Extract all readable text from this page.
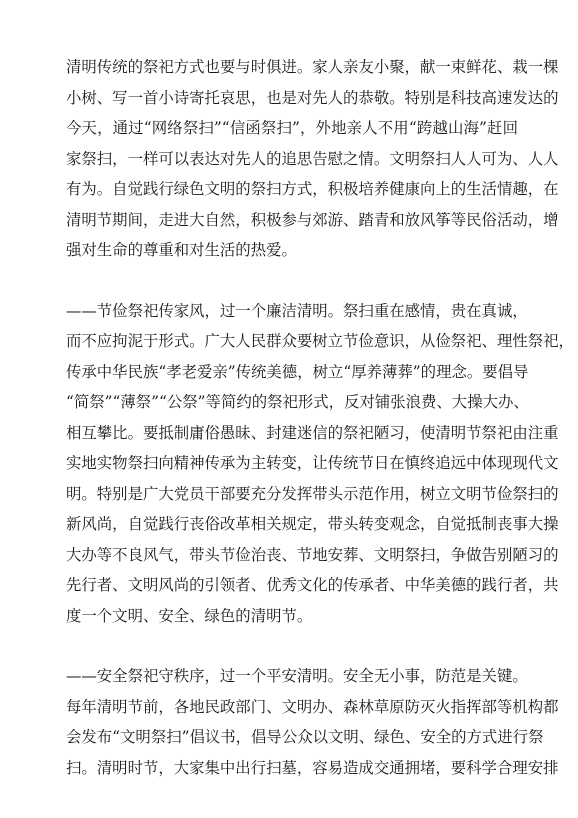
清明传统的祭祀方式也要与时俱进。家人亲友小聚，献一束鲜花、栽一棵
小树、写一首小诗寄托哀思，也是对先人的恭敬。特别是科技高速发达的
今天，通过“网络祭扫”“信函祭扫”，外地亲人不用“跨越山海”赶回
家祭扫，一样可以表达对先人的追思告慰之情。文明祭扫人人可为、人人
有为。自觉践行绿色文明的祭扫方式，积极培养健康向上的生活情趣，在
清明节期间，走进大自然，积极参与郊游、踏青和放风筝等民俗活动，增
强对生命的尊重和对生活的热爱。
——节俭祭祀传家风，过一个廉洁清明。祭扫重在感情，贵在真诚，
而不应拘泥于形式。广大人民群众要树立节俭意识，从俭祭祀、理性祭祀，
传承中华民族“孝老爱亲”传统美德，树立“厚养薄葬”的理念。要倡导
“简祭”“薄祭”“公祭”等简约的祭祀形式，反对铺张浪费、大操大办、
相互攀比。要抵制庸俗愚昧、封建迷信的祭祀陋习，使清明节祭祀由注重
实地实物祭扫向精神传承为主转变，让传统节日在慎终追远中体现现代文
明。特别是广大党员干部要充分发挥带头示范作用，树立文明节俭祭扫的
新风尚，自觉践行丧俗改革相关规定，带头转变观念，自觉抵制丧事大操
大办等不良风气，带头节俭治丧、节地安葬、文明祭扫，争做告别陋习的
先行者、文明风尚的引领者、优秀文化的传承者、中华美德的践行者，共
度一个文明、安全、绿色的清明节。
——安全祭祀守秩序，过一个平安清明。安全无小事，防范是关键。
每年清明节前，各地民政部门、文明办、森林草原防灭火指挥部等机构都
会发布“文明祭扫”倡议书，倡导公众以文明、绿色、安全的方式进行祭
扫。清明时节，大家集中出行扫墓，容易造成交通拥堵，要科学合理安排
